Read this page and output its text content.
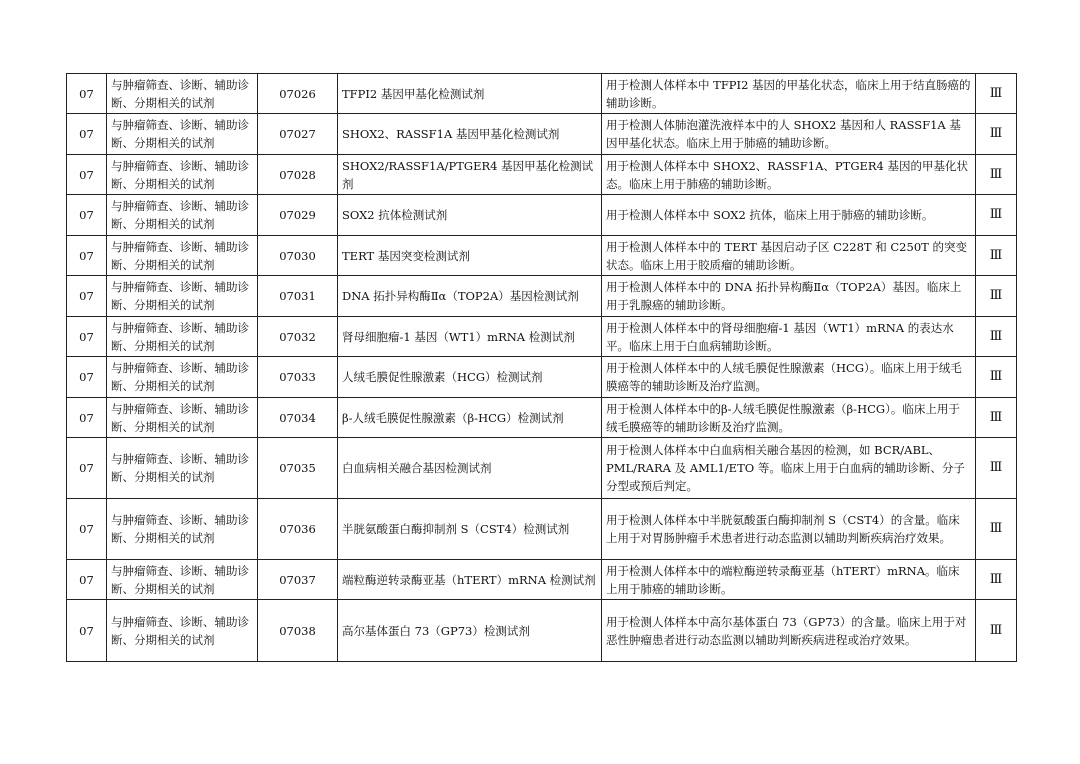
07	与肿瘤筛查、诊断、辅助诊断、分期相关的试剂	07026	TFPI2 基因甲基化检测试剂	用于检测人体样本中 TFPI2 基因的甲基化状态，临床上用于结直肠癌的辅助诊断。	Ⅲ
07	与肿瘤筛查、诊断、辅助诊断、分期相关的试剂	07027	SHOX2、RASSF1A 基因甲基化检测试剂	用于检测人体肺泡灌洗液样本中的人 SHOX2 基因和人 RASSF1A 基因甲基化状态。临床上用于肺癌的辅助诊断。	Ⅲ
07	与肿瘤筛查、诊断、辅助诊断、分期相关的试剂	07028	SHOX2/RASSF1A/PTGER4 基因甲基化检测试剂	用于检测人体样本中 SHOX2、RASSF1A、PTGER4 基因的甲基化状态。临床上用于肺癌的辅助诊断。	Ⅲ
07	与肿瘤筛查、诊断、辅助诊断、分期相关的试剂	07029	SOX2 抗体检测试剂	用于检测人体样本中 SOX2 抗体，临床上用于肺癌的辅助诊断。	Ⅲ
07	与肿瘤筛查、诊断、辅助诊断、分期相关的试剂	07030	TERT 基因突变检测试剂	用于检测人体样本中的 TERT 基因启动子区 C228T 和 C250T 的突变状态。临床上用于胶质瘤的辅助诊断。	Ⅲ
07	与肿瘤筛查、诊断、辅助诊断、分期相关的试剂	07031	DNA 拓扑异构酶Ⅱα（TOP2A）基因检测试剂	用于检测人体样本中的 DNA 拓扑异构酶Ⅱα（TOP2A）基因。临床上用于乳腺癌的辅助诊断。	Ⅲ
07	与肿瘤筛查、诊断、辅助诊断、分期相关的试剂	07032	肾母细胞瘤-1 基因（WT1）mRNA 检测试剂	用于检测人体样本中的肾母细胞瘤-1 基因（WT1）mRNA 的表达水平。临床上用于白血病辅助诊断。	Ⅲ
07	与肿瘤筛查、诊断、辅助诊断、分期相关的试剂	07033	人绒毛膜促性腺激素（HCG）检测试剂	用于检测人体样本中的人绒毛膜促性腺激素（HCG）。临床上用于绒毛膜癌等的辅助诊断及治疗监测。	Ⅲ
07	与肿瘤筛查、诊断、辅助诊断、分期相关的试剂	07034	β-人绒毛膜促性腺激素（β-HCG）检测试剂	用于检测人体样本中的β-人绒毛膜促性腺激素（β-HCG）。临床上用于绒毛膜癌等的辅助诊断及治疗监测。	Ⅲ
07	与肿瘤筛查、诊断、辅助诊断、分期相关的试剂	07035	白血病相关融合基因检测试剂	用于检测人体样本中白血病相关融合基因的检测，如 BCR/ABL、PML/RARA 及 AML1/ETO 等。临床上用于白血病的辅助诊断、分子分型或预后判定。	Ⅲ
07	与肿瘤筛查、诊断、辅助诊断、分期相关的试剂	07036	半胱氨酸蛋白酶抑制剂 S（CST4）检测试剂	用于检测人体样本中半胱氨酸蛋白酶抑制剂 S（CST4）的含量。临床上用于对胃肠肿瘤手术患者进行动态监测以辅助判断疾病治疗效果。	Ⅲ
07	与肿瘤筛查、诊断、辅助诊断、分期相关的试剂	07037	端粒酶逆转录酶亚基（hTERT）mRNA 检测试剂	用于检测人体样本中的端粒酶逆转录酶亚基（hTERT）mRNA。临床上用于肺癌的辅助诊断。	Ⅲ
07	与肿瘤筛查、诊断、辅助诊断、分期相关的试剂	07038	高尔基体蛋白 73（GP73）检测试剂	用于检测人体样本中高尔基体蛋白 73（GP73）的含量。临床上用于对恶性肿瘤患者进行动态监测以辅助判断疾病进程或治疗效果。	Ⅲ
